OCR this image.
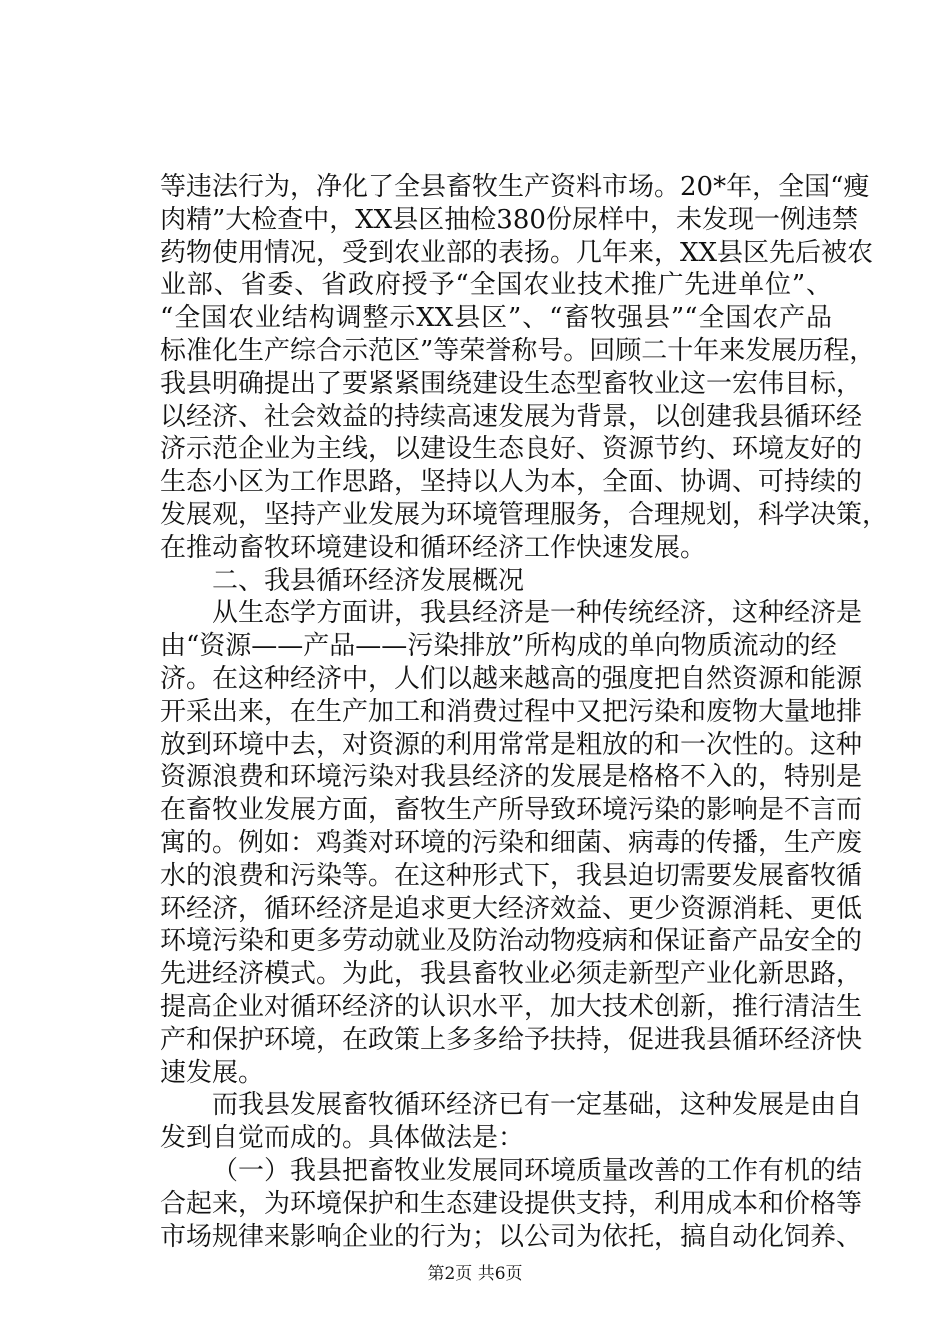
等违法行为，净化了全县畜牧生产资料市场。20*年，全国“瘦
肉精”大检查中，XX县区抽检380份尿样中，未发现一例违禁
药物使用情况，受到农业部的表扬。几年来，XX县区先后被农
业部、省委、省政府授予“全国农业技术推广先进单位”、
“全国农业结构调整示XX县区”、“畜牧强县”“全国农产品
标准化生产综合示范区”等荣誉称号。回顾二十年来发展历程，
我县明确提出了要紧紧围绕建设生态型畜牧业这一宏伟目标，
以经济、社会效益的持续高速发展为背景，以创建我县循环经
济示范企业为主线，以建设生态良好、资源节约、环境友好的
生态小区为工作思路，坚持以人为本，全面、协调、可持续的
发展观，坚持产业发展为环境管理服务，合理规划，科学决策，
在推动畜牧环境建设和循环经济工作快速发展。
二、我县循环经济发展概况
从生态学方面讲，我县经济是一种传统经济，这种经济是
由“资源——产品——污染排放”所构成的单向物质流动的经
济。在这种经济中，人们以越来越高的强度把自然资源和能源
开采出来，在生产加工和消费过程中又把污染和废物大量地排
放到环境中去，对资源的利用常常是粗放的和一次性的。这种
资源浪费和环境污染对我县经济的发展是格格不入的，特别是
在畜牧业发展方面，畜牧生产所导致环境污染的影响是不言而
寓的。例如：鸡粪对环境的污染和细菌、病毒的传播，生产废
水的浪费和污染等。在这种形式下，我县迫切需要发展畜牧循
环经济，循环经济是追求更大经济效益、更少资源消耗、更低
环境污染和更多劳动就业及防治动物疫病和保证畜产品安全的
先进经济模式。为此，我县畜牧业必须走新型产业化新思路，
提高企业对循环经济的认识水平，加大技术创新，推行清洁生
产和保护环境，在政策上多多给予扶持，促进我县循环经济快
速发展。
而我县发展畜牧循环经济已有一定基础，这种发展是由自
发到自觉而成的。具体做法是：
（一）我县把畜牧业发展同环境质量改善的工作有机的结
合起来，为环境保护和生态建设提供支持，利用成本和价格等
市场规律来影响企业的行为；以公司为依托，搞自动化饲养、
第2页 共6页
